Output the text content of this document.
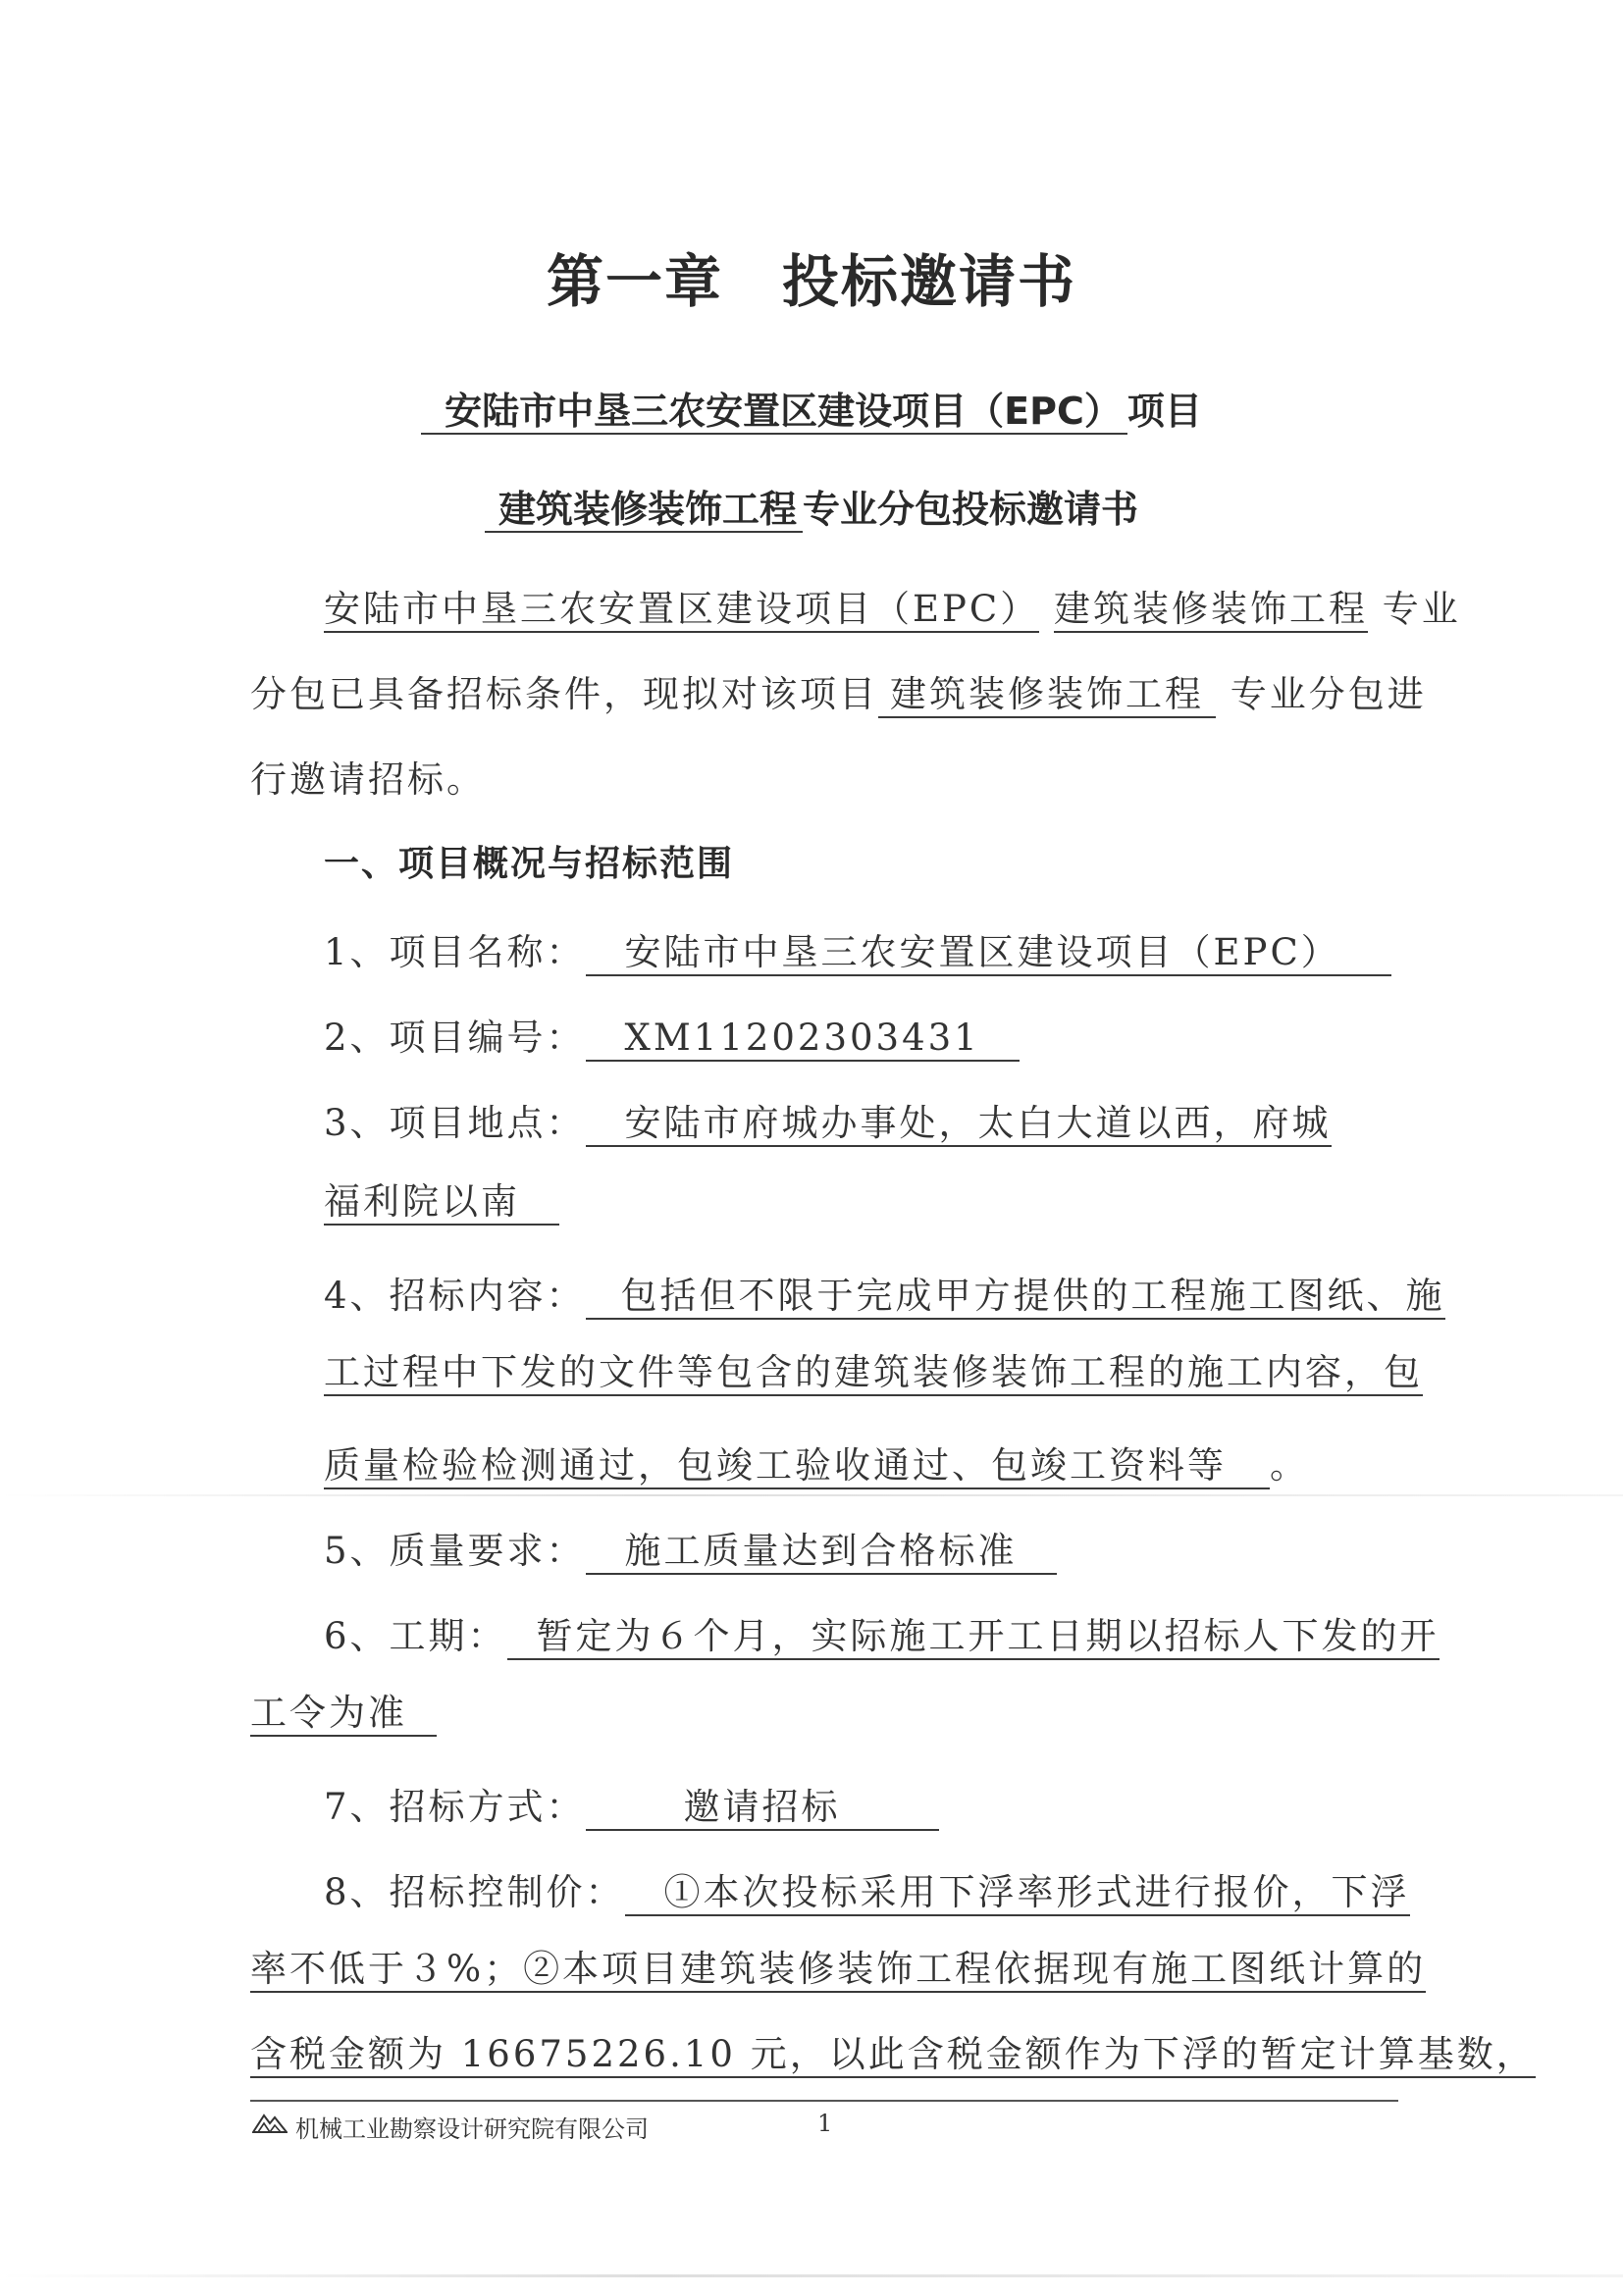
第一章 投标邀请书
安陆市中垦三农安置区建设项目（EPC） 项目
建筑装修装饰工程 专业分包投标邀请书
安陆市中垦三农安置区建设项目（EPC） 建筑装修装饰工程 专业
分包已具备招标条件，现拟对该项目 建筑装修装饰工程 专业分包进
行邀请招标。
一、项目概况与招标范围
1、项目名称： 安陆市中垦三农安置区建设项目（EPC）
2、项目编号： XM11202303431
3、项目地点： 安陆市府城办事处，太白大道以西，府城
福利院以南
4、招标内容： 包括但不限于完成甲方提供的工程施工图纸、施
工过程中下发的文件等包含的建筑装修装饰工程的施工内容，包
质量检验检测通过，包竣工验收通过、包竣工资料等 。
5、质量要求： 施工质量达到合格标准
6、工期： 暂定为６个月，实际施工开工日期以招标人下发的开
工令为准
7、招标方式：	邀请招标
8、招标控制价： ①本次投标采用下浮率形式进行报价，下浮
率不低于３%；②本项目建筑装修装饰工程依据现有施工图纸计算的
含税金额为 16675226.10 元，以此含税金额作为下浮的暂定计算基数，
机械工业勘察设计研究院有限公司	1
